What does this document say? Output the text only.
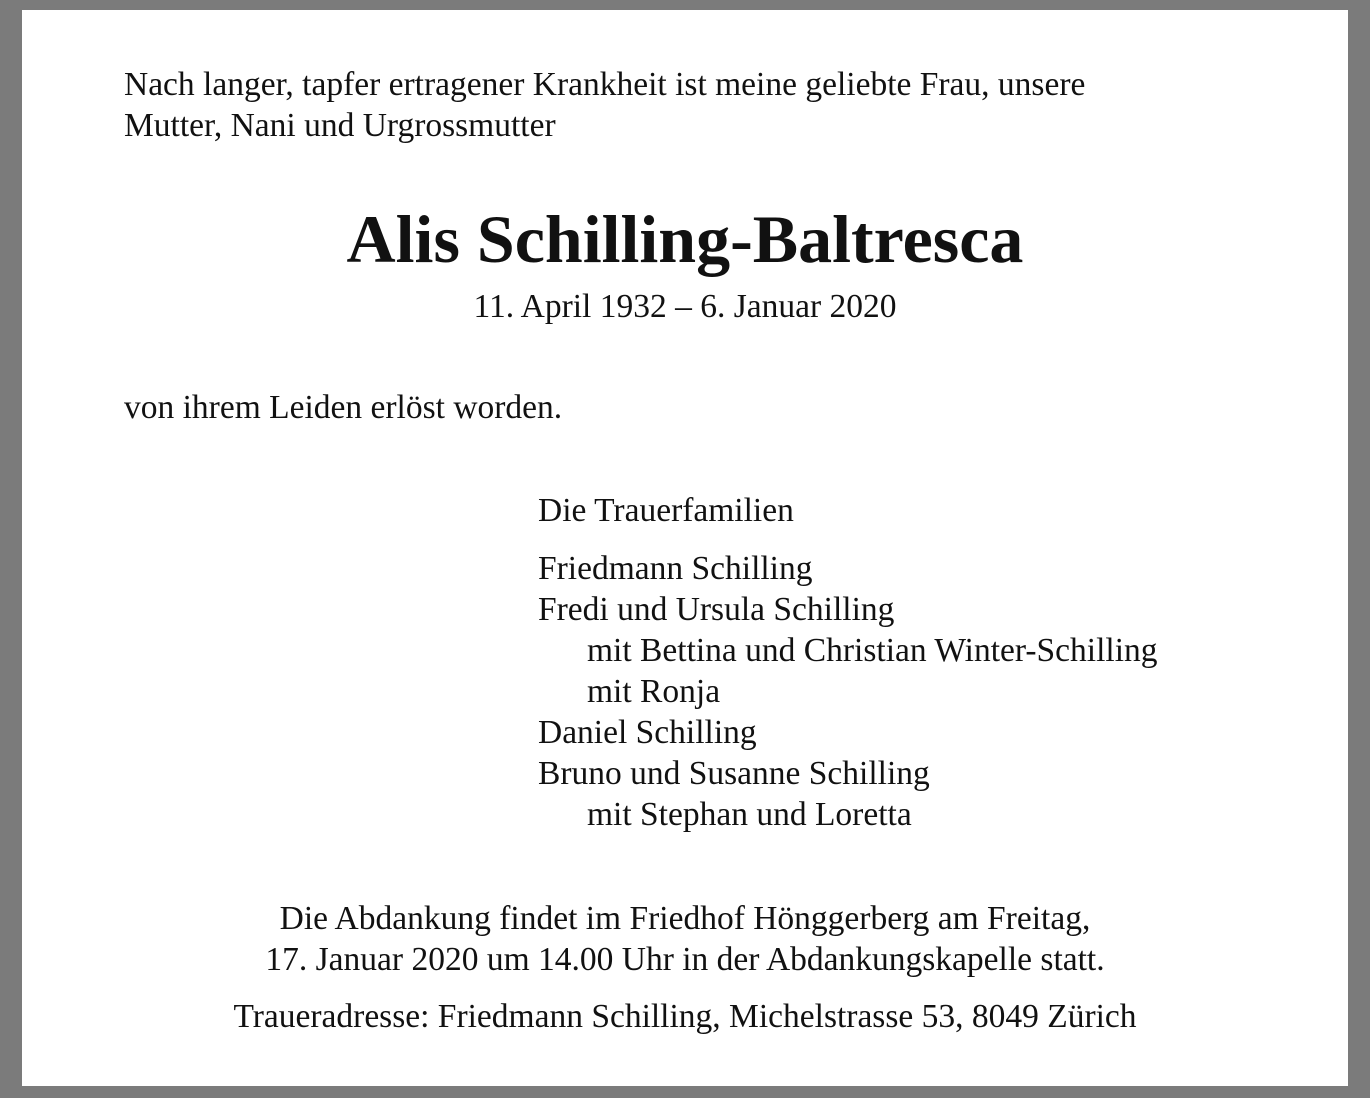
Nach langer, tapfer ertragener Krankheit ist meine geliebte Frau, unsere
Mutter, Nani und Urgrossmutter

Alis Schilling-Baltresca

11. April 1932 – 6. Januar 2020

von ihrem Leiden erlöst worden.

Die Trauerfamilien

Friedmann Schilling
Fredi und Ursula Schilling
mit Bettina und Christian Winter-Schilling
mit Ronja
Daniel Schilling
Bruno und Susanne Schilling
mit Stephan und Loretta
Die Abdankung findet im Friedhof Hönggerberg am Freitag,
17. Januar 2020 um 14.00 Uhr in der Abdankungskapelle statt.

Traueradresse: Friedmann Schilling, Michelstrasse 53, 8049 Zürich
